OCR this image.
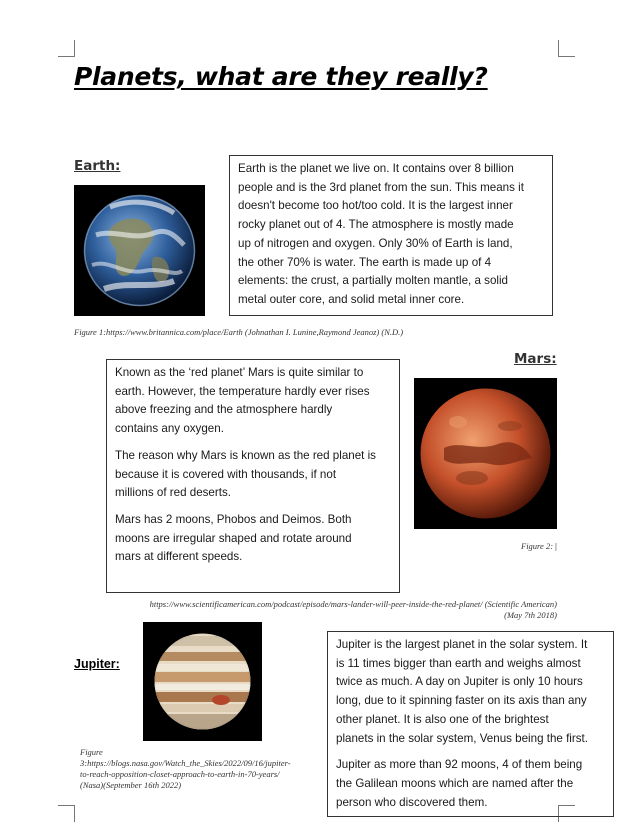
Planets, what are they really?
Earth:	Earth is the planet we live on. It contains over 8 billion
people and is the 3rd planet from the sun. This means it
doesn't become too hot/too cold. It is the largest inner
rocky planet out of 4. The atmosphere is mostly made
up of nitrogen and oxygen. Only 30% of Earth is land,
the other 70% is water. The earth is made up of 4
elements: the crust, a partially molten mantle, a solid
metal outer core, and solid metal inner core.
Figure 1:https://www.britannica.com/place/Earth (Johnathan I. Lunine,Raymond Jeanoz) (N.D.)
Mars:

Known as the ‘red planet’ Mars is quite similar to
earth. However, the temperature hardly ever rises
above freezing and the atmosphere hardly
contains any oxygen.

The reason why Mars is known as the red planet is
because it is covered with thousands, if not
millions of red deserts.

Mars has 2 moons, Phobos and Deimos. Both
moons are irregular shaped and rotate around
mars at different speeds.

Figure 2: |
https://www.scientificamerican.com/podcast/episode/mars-lander-will-peer-inside-the-red-planet/ (Scientific American)
(May 7th 2018)
Jupiter:
Figure
3:https://blogs.nasa.gov/Watch_the_Skies/2022/09/16/jupiter-
to-reach-opposition-closet-approach-to-earth-in-70-years/
(Nasa)(September 16th 2022)

Jupiter is the largest planet in the solar system. It
is 11 times bigger than earth and weighs almost
twice as much. A day on Jupiter is only 10 hours
long, due to it spinning faster on its axis than any
other planet. It is also one of the brightest
planets in the solar system, Venus being the first.

Jupiter as more than 92 moons, 4 of them being
the Galilean moons which are named after the
person who discovered them.
